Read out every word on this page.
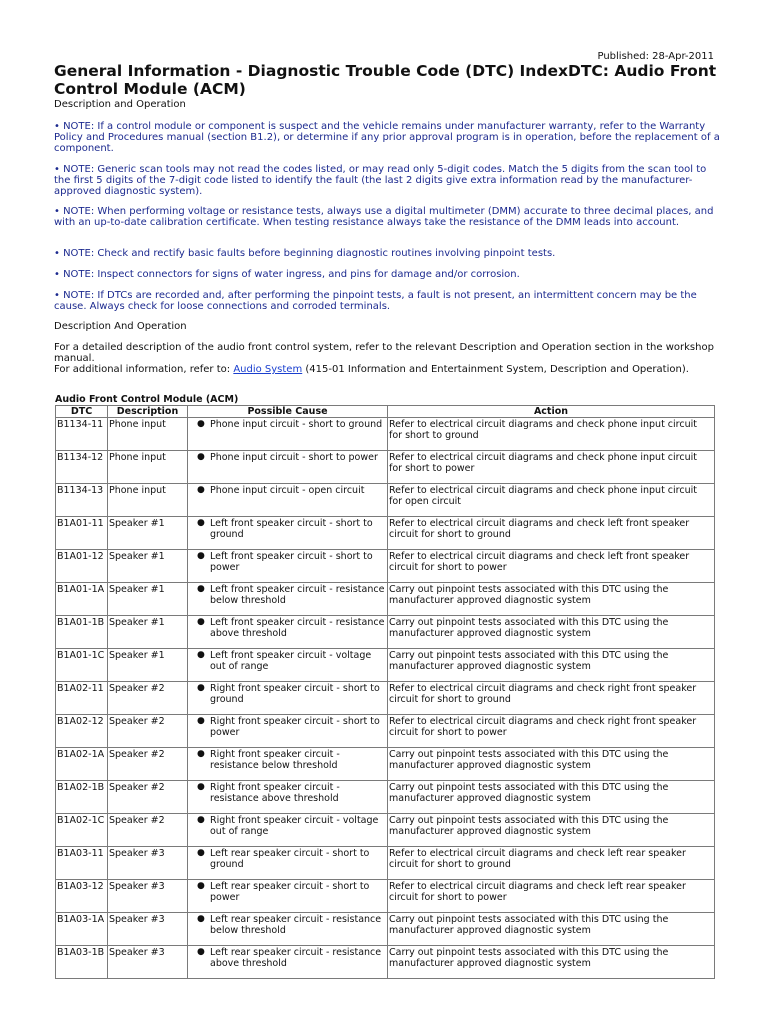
Published: 28-Apr-2011
General Information - Diagnostic Trouble Code (DTC) IndexDTC: Audio Front Control Module (ACM)
Description and Operation
• NOTE: If a control module or component is suspect and the vehicle remains under manufacturer warranty, refer to the Warranty Policy and Procedures manual (section B1.2), or determine if any prior approval program is in operation, before the replacement of a component.
• NOTE: Generic scan tools may not read the codes listed, or may read only 5-digit codes. Match the 5 digits from the scan tool to the first 5 digits of the 7-digit code listed to identify the fault (the last 2 digits give extra information read by the manufacturer-approved diagnostic system).
• NOTE: When performing voltage or resistance tests, always use a digital multimeter (DMM) accurate to three decimal places, and with an up-to-date calibration certificate. When testing resistance always take the resistance of the DMM leads into account.
• NOTE: Check and rectify basic faults before beginning diagnostic routines involving pinpoint tests.
• NOTE: Inspect connectors for signs of water ingress, and pins for damage and/or corrosion.
• NOTE: If DTCs are recorded and, after performing the pinpoint tests, a fault is not present, an intermittent concern may be the cause. Always check for loose connections and corroded terminals.
Description And Operation
For a detailed description of the audio front control system, refer to the relevant Description and Operation section in the workshop manual.
For additional information, refer to: Audio System (415-01 Information and Entertainment System, Description and Operation).
Audio Front Control Module (ACM)
DTC	Description	Possible Cause	Action
B1134-11	Phone input	● Phone input circuit - short to ground	Refer to electrical circuit diagrams and check phone input circuit for short to ground
B1134-12	Phone input	● Phone input circuit - short to power	Refer to electrical circuit diagrams and check phone input circuit for short to power
B1134-13	Phone input	● Phone input circuit - open circuit	Refer to electrical circuit diagrams and check phone input circuit for open circuit
B1A01-11	Speaker #1	● Left front speaker circuit - short to ground	Refer to electrical circuit diagrams and check left front speaker circuit for short to ground
B1A01-12	Speaker #1	● Left front speaker circuit - short to power	Refer to electrical circuit diagrams and check left front speaker circuit for short to power
B1A01-1A	Speaker #1	● Left front speaker circuit - resistance below threshold	Carry out pinpoint tests associated with this DTC using the manufacturer approved diagnostic system
B1A01-1B	Speaker #1	● Left front speaker circuit - resistance above threshold	Carry out pinpoint tests associated with this DTC using the manufacturer approved diagnostic system
B1A01-1C	Speaker #1	● Left front speaker circuit - voltage out of range	Carry out pinpoint tests associated with this DTC using the manufacturer approved diagnostic system
B1A02-11	Speaker #2	● Right front speaker circuit - short to ground	Refer to electrical circuit diagrams and check right front speaker circuit for short to ground
B1A02-12	Speaker #2	● Right front speaker circuit - short to power	Refer to electrical circuit diagrams and check right front speaker circuit for short to power
B1A02-1A	Speaker #2	● Right front speaker circuit - resistance below threshold	Carry out pinpoint tests associated with this DTC using the manufacturer approved diagnostic system
B1A02-1B	Speaker #2	● Right front speaker circuit - resistance above threshold	Carry out pinpoint tests associated with this DTC using the manufacturer approved diagnostic system
B1A02-1C	Speaker #2	● Right front speaker circuit - voltage out of range	Carry out pinpoint tests associated with this DTC using the manufacturer approved diagnostic system
B1A03-11	Speaker #3	● Left rear speaker circuit - short to ground	Refer to electrical circuit diagrams and check left rear speaker circuit for short to ground
B1A03-12	Speaker #3	● Left rear speaker circuit - short to power	Refer to electrical circuit diagrams and check left rear speaker circuit for short to power
B1A03-1A	Speaker #3	● Left rear speaker circuit - resistance below threshold	Carry out pinpoint tests associated with this DTC using the manufacturer approved diagnostic system
B1A03-1B	Speaker #3	● Left rear speaker circuit - resistance above threshold	Carry out pinpoint tests associated with this DTC using the manufacturer approved diagnostic system
